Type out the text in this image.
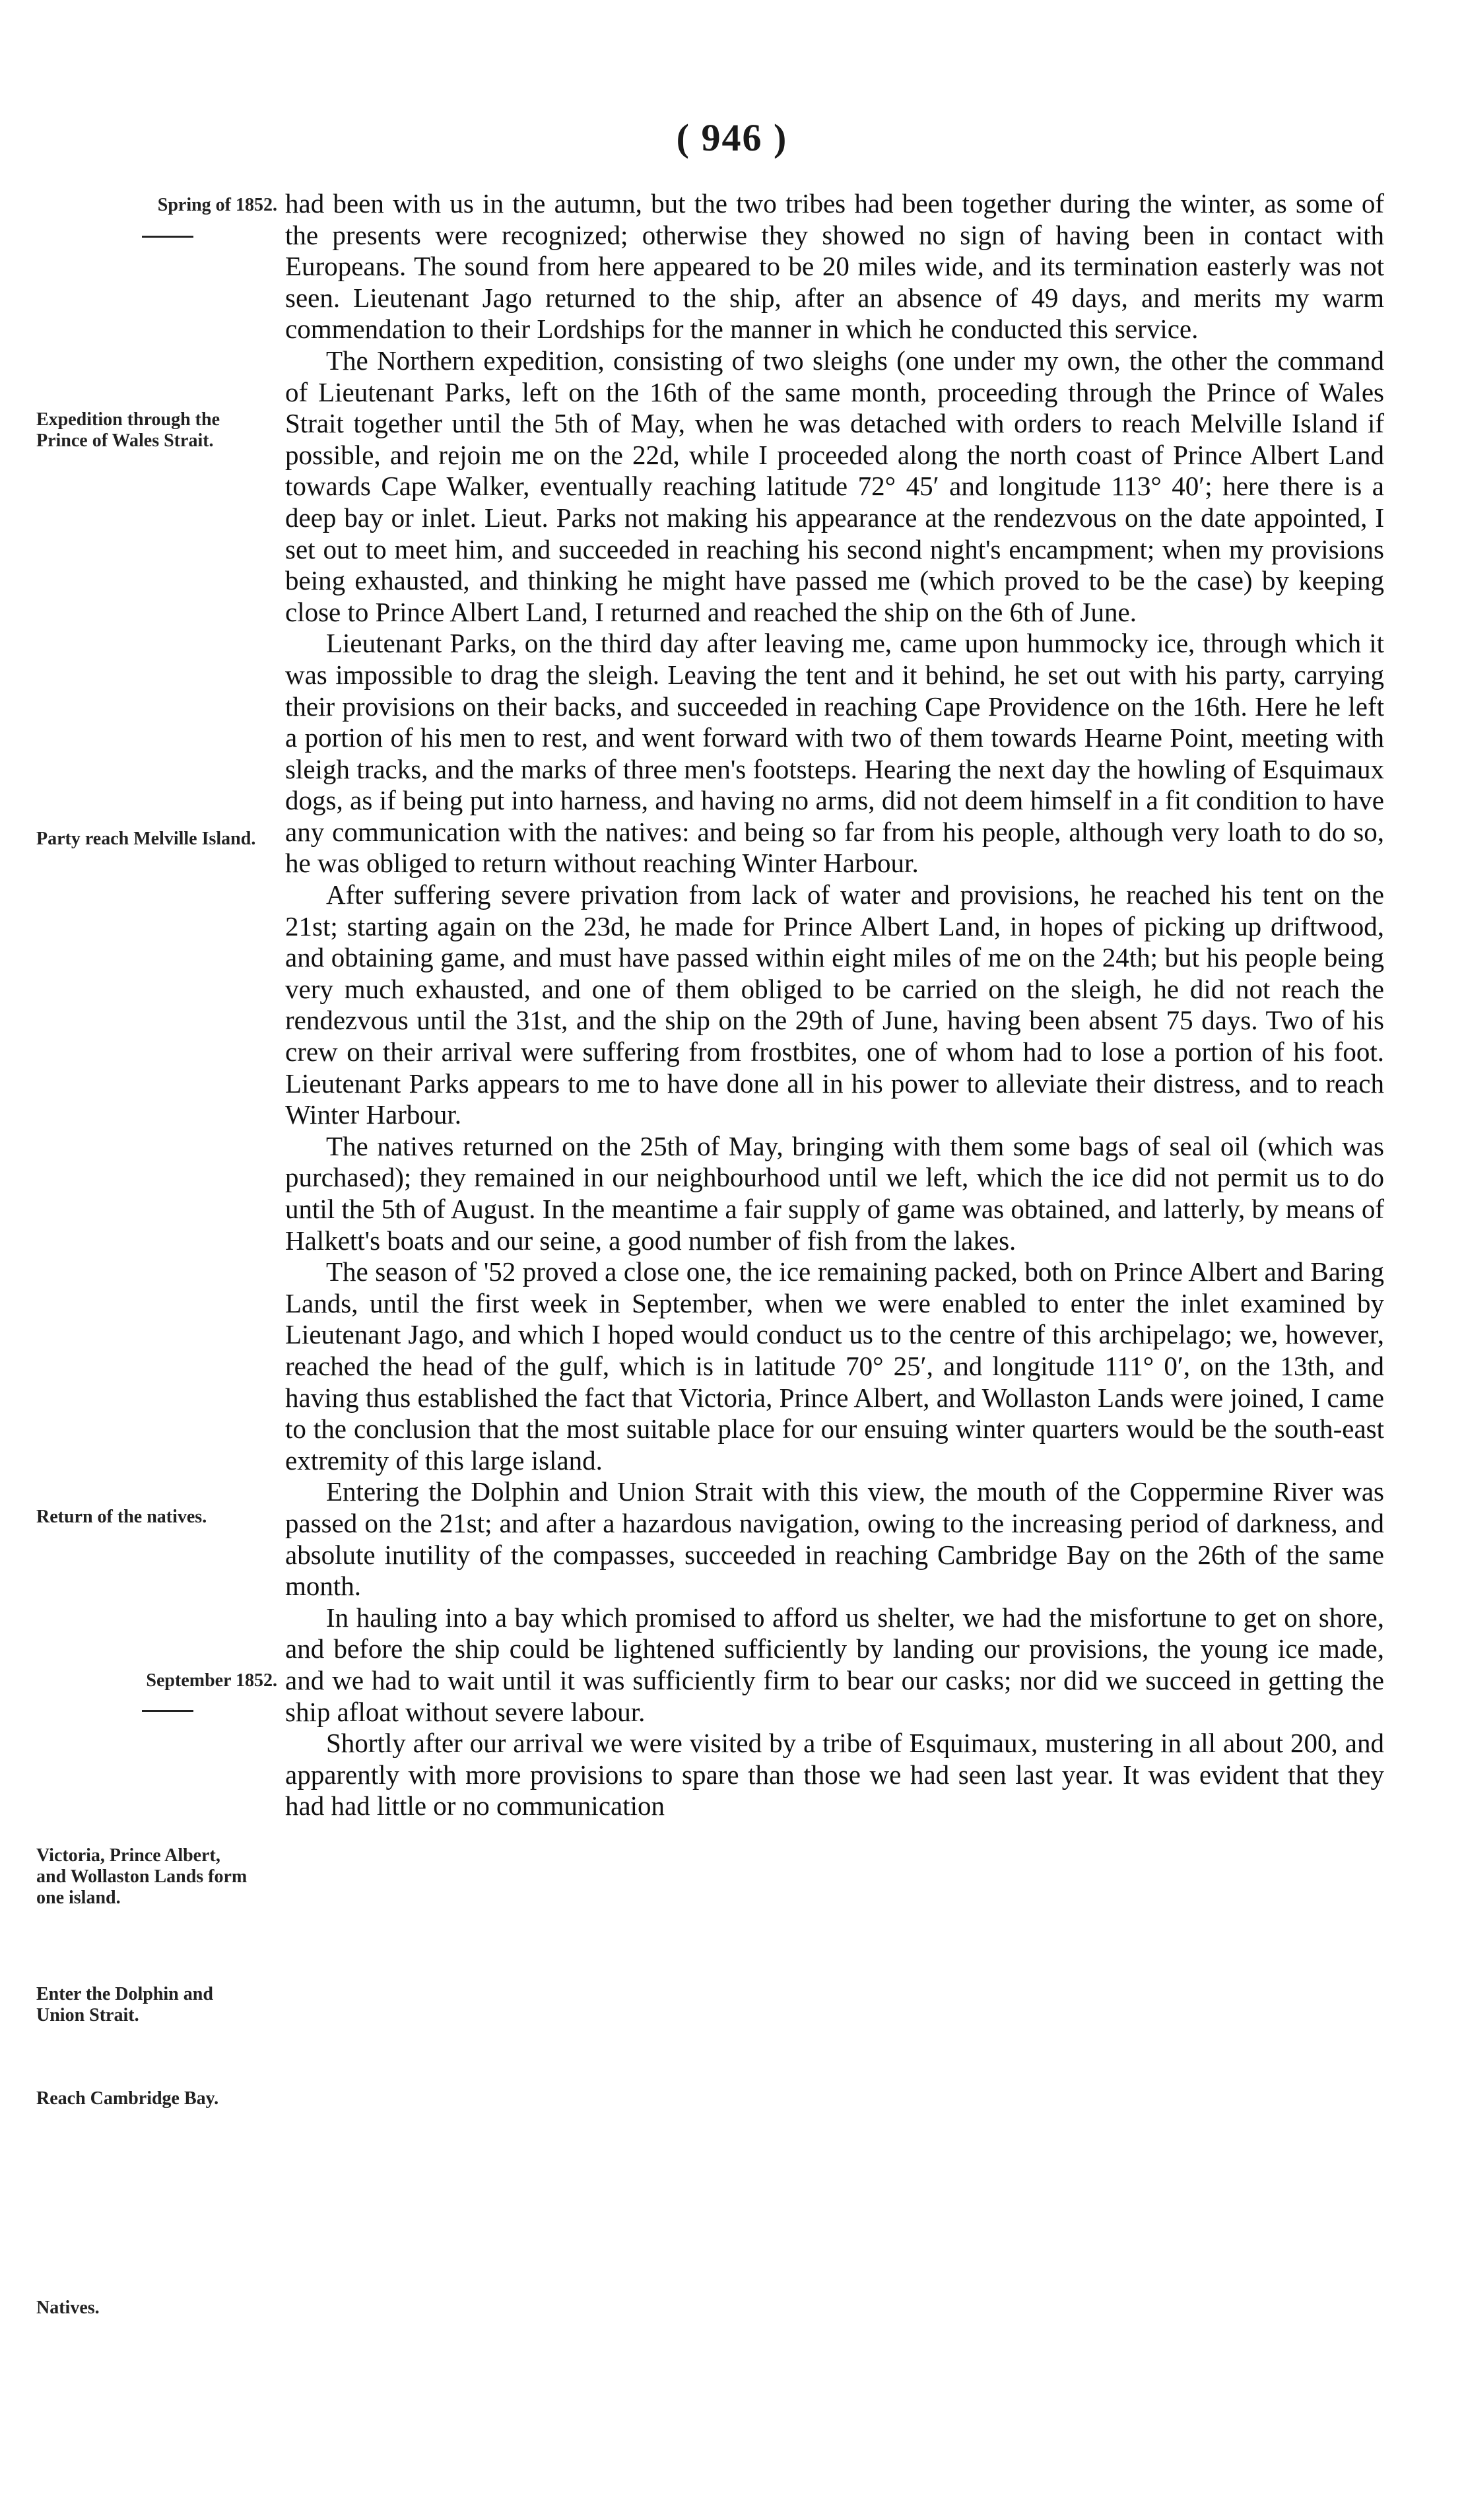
( 946 )
Spring of 1852.
Expedition through the Prince of Wales Strait.
Party reach Melville Island.
Return of the natives.
September 1852.
Victoria, Prince Albert, and Wollaston Lands form one island.
Enter the Dolphin and Union Strait.
Reach Cambridge Bay.
Natives.

had been with us in the autumn, but the two tribes had been together during the winter, as some of the presents were recognized; otherwise they showed no sign of having been in contact with Europeans. The sound from here appeared to be 20 miles wide, and its termination easterly was not seen. Lieutenant Jago returned to the ship, after an absence of 49 days, and merits my warm commendation to their Lordships for the manner in which he conducted this service.

The Northern expedition, consisting of two sleighs (one under my own, the other the command of Lieutenant Parks, left on the 16th of the same month, proceeding through the Prince of Wales Strait together until the 5th of May, when he was detached with orders to reach Melville Island if possible, and rejoin me on the 22d, while I proceeded along the north coast of Prince Albert Land towards Cape Walker, eventually reaching latitude 72° 45′ and longitude 113° 40′; here there is a deep bay or inlet. Lieut. Parks not making his appearance at the rendezvous on the date appointed, I set out to meet him, and succeeded in reaching his second night's encampment; when my provisions being exhausted, and thinking he might have passed me (which proved to be the case) by keeping close to Prince Albert Land, I returned and reached the ship on the 6th of June.

Lieutenant Parks, on the third day after leaving me, came upon hummocky ice, through which it was impossible to drag the sleigh. Leaving the tent and it behind, he set out with his party, carrying their provisions on their backs, and succeeded in reaching Cape Providence on the 16th. Here he left a portion of his men to rest, and went forward with two of them towards Hearne Point, meeting with sleigh tracks, and the marks of three men's footsteps. Hearing the next day the howling of Esquimaux dogs, as if being put into harness, and having no arms, did not deem himself in a fit condition to have any communication with the natives: and being so far from his people, although very loath to do so, he was obliged to return without reaching Winter Harbour.

After suffering severe privation from lack of water and provisions, he reached his tent on the 21st; starting again on the 23d, he made for Prince Albert Land, in hopes of picking up driftwood, and obtaining game, and must have passed within eight miles of me on the 24th; but his people being very much exhausted, and one of them obliged to be carried on the sleigh, he did not reach the rendezvous until the 31st, and the ship on the 29th of June, having been absent 75 days. Two of his crew on their arrival were suffering from frostbites, one of whom had to lose a portion of his foot. Lieutenant Parks appears to me to have done all in his power to alleviate their distress, and to reach Winter Harbour.

The natives returned on the 25th of May, bringing with them some bags of seal oil (which was purchased); they remained in our neighbourhood until we left, which the ice did not permit us to do until the 5th of August. In the meantime a fair supply of game was obtained, and latterly, by means of Halkett's boats and our seine, a good number of fish from the lakes.

The season of '52 proved a close one, the ice remaining packed, both on Prince Albert and Baring Lands, until the first week in September, when we were enabled to enter the inlet examined by Lieutenant Jago, and which I hoped would conduct us to the centre of this archipelago; we, however, reached the head of the gulf, which is in latitude 70° 25′, and longitude 111° 0′, on the 13th, and having thus established the fact that Victoria, Prince Albert, and Wollaston Lands were joined, I came to the conclusion that the most suitable place for our ensuing winter quarters would be the south-east extremity of this large island.

Entering the Dolphin and Union Strait with this view, the mouth of the Coppermine River was passed on the 21st; and after a hazardous navigation, owing to the increasing period of darkness, and absolute inutility of the compasses, succeeded in reaching Cambridge Bay on the 26th of the same month.

In hauling into a bay which promised to afford us shelter, we had the misfortune to get on shore, and before the ship could be lightened sufficiently by landing our provisions, the young ice made, and we had to wait until it was sufficiently firm to bear our casks; nor did we succeed in getting the ship afloat without severe labour.

Shortly after our arrival we were visited by a tribe of Esquimaux, mustering in all about 200, and apparently with more provisions to spare than those we had seen last year. It was evident that they had had little or no communication
